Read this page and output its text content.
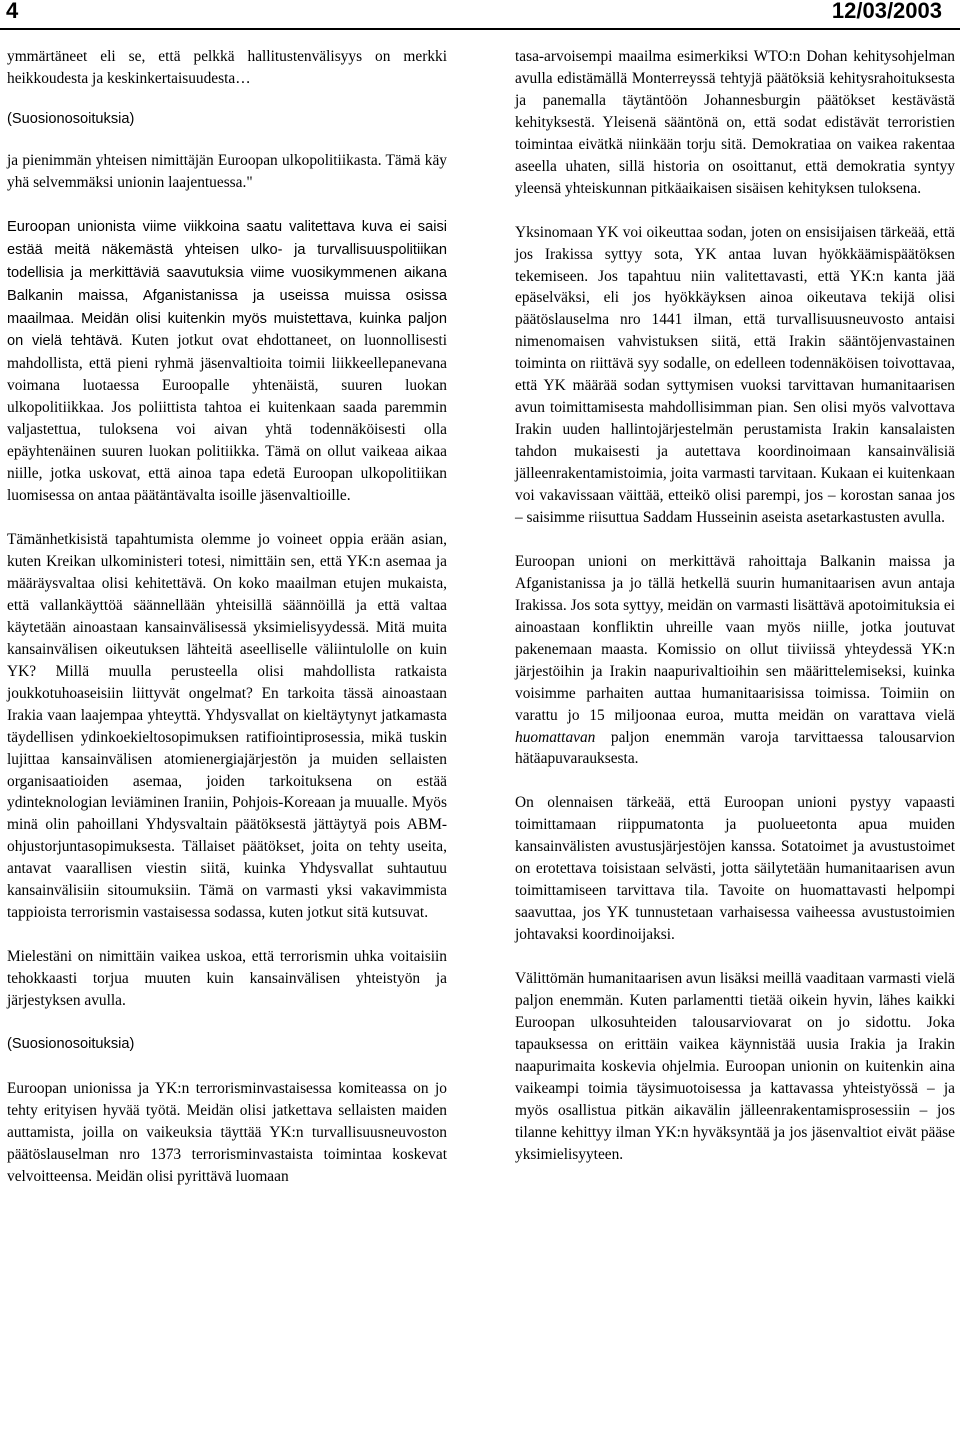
4	12/03/2003

ymmärtäneet eli se, että pelkkä hallitustenvälisyys on merkki heikkoudesta ja keskinkertaisuudesta…

(Suosionosoituksia)

ja pienimmän yhteisen nimittäjän Euroopan ulkopolitiikasta. Tämä käy yhä selvemmäksi unionin laajentuessa."

Euroopan unionista viime viikkoina saatu valitettava kuva ei saisi estää meitä näkemästä yhteisen ulko- ja turvallisuuspolitiikan todellisia ja merkittäviä saavutuksia viime vuosikymmenen aikana Balkanin maissa, Afganistanissa ja useissa muissa osissa maailmaa. Meidän olisi kuitenkin myös muistettava, kuinka paljon on vielä tehtävä. Kuten jotkut ovat ehdottaneet, on luonnollisesti mahdollista, että pieni ryhmä jäsenvaltioita toimii liikkeellepanevana voimana luotaessa Euroopalle yhtenäistä, suuren luokan ulkopolitiikkaa. Jos poliittista tahtoa ei kuitenkaan saada paremmin valjastettua, tuloksena voi aivan yhtä todennäköisesti olla epäyhtenäinen suuren luokan politiikka. Tämä on ollut vaikeaa aikaa niille, jotka uskovat, että ainoa tapa edetä Euroopan ulkopolitiikan luomisessa on antaa päätäntävalta isoille jäsenvaltioille.

Tämänhetkisistä tapahtumista olemme jo voineet oppia erään asian, kuten Kreikan ulkoministeri totesi, nimittäin sen, että YK:n asemaa ja määräysvaltaa olisi kehitettävä. On koko maailman etujen mukaista, että vallankäyttöä säännellään yhteisillä säännöillä ja että valtaa käytetään ainoastaan kansainvälisessä yksimielisyydessä. Mitä muita kansainvälisen oikeutuksen lähteitä aseelliselle väliintulolle on kuin YK? Millä muulla perusteella olisi mahdollista ratkaista joukkotuhoaseisiin liittyvät ongelmat? En tarkoita tässä ainoastaan Irakia vaan laajempaa yhteyttä. Yhdysvallat on kieltäytynyt jatkamasta täydellisen ydinkoekieltosopimuksen ratifiointiprosessia, mikä tuskin lujittaa kansainvälisen atomienergiajärjestön ja muiden sellaisten organisaatioiden asemaa, joiden tarkoituksena on estää ydinteknologian leviäminen Iraniin, Pohjois-Koreaan ja muualle. Myös minä olin pahoillani Yhdysvaltain päätöksestä jättäytyä pois ABM-ohjustorjuntasopimuksesta. Tällaiset päätökset, joita on tehty useita, antavat vaarallisen viestin siitä, kuinka Yhdysvallat suhtautuu kansainvälisiin sitoumuksiin. Tämä on varmasti yksi vakavimmista tappioista terrorismin vastaisessa sodassa, kuten jotkut sitä kutsuvat.

Mielestäni on nimittäin vaikea uskoa, että terrorismin uhka voitaisiin tehokkaasti torjua muuten kuin kansainvälisen yhteistyön ja järjestyksen avulla.

(Suosionosoituksia)

Euroopan unionissa ja YK:n terrorisminvastaisessa komiteassa on jo tehty erityisen hyvää työtä. Meidän olisi jatkettava sellaisten maiden auttamista, joilla on vaikeuksia täyttää YK:n turvallisuusneuvoston päätöslauselman nro 1373 terrorisminvastaista toimintaa koskevat velvoitteensa. Meidän olisi pyrittävä luomaan

tasa-arvoisempi maailma esimerkiksi WTO:n Dohan kehitysohjelman avulla edistämällä Monterreyssä tehtyjä päätöksiä kehitysrahoituksesta ja panemalla täytäntöön Johannesburgin päätökset kestävästä kehityksestä. Yleisenä sääntönä on, että sodat edistävät terroristien toimintaa eivätkä niinkään torju sitä. Demokratiaa on vaikea rakentaa aseella uhaten, sillä historia on osoittanut, että demokratia syntyy yleensä yhteiskunnan pitkäaikaisen sisäisen kehityksen tuloksena.

Yksinomaan YK voi oikeuttaa sodan, joten on ensisijaisen tärkeää, että jos Irakissa syttyy sota, YK antaa luvan hyökkäämispäätöksen tekemiseen. Jos tapahtuu niin valitettavasti, että YK:n kanta jää epäselväksi, eli jos hyökkäyksen ainoa oikeutava tekijä olisi päätöslauselma nro 1441 ilman, että turvallisuusneuvosto antaisi nimenomaisen vahvistuksen siitä, että Irakin sääntöjenvastainen toiminta on riittävä syy sodalle, on edelleen todennäköisen toivottavaa, että YK määrää sodan syttymisen vuoksi tarvittavan humanitaarisen avun toimittamisesta mahdollisimman pian. Sen olisi myös valvottava Irakin uuden hallintojärjestelmän perustamista Irakin kansalaisten tahdon mukaisesti ja autettava koordinoimaan kansainvälisiä jälleenrakentamistoimia, joita varmasti tarvitaan. Kukaan ei kuitenkaan voi vakavissaan väittää, etteikö olisi parempi, jos – korostan sanaa jos – saisimme riisuttua Saddam Husseinin aseista asetarkastusten avulla.

Euroopan unioni on merkittävä rahoittaja Balkanin maissa ja Afganistanissa ja jo tällä hetkellä suurin humanitaarisen avun antaja Irakissa. Jos sota syttyy, meidän on varmasti lisättävä apotoimituksia ei ainoastaan konfliktin uhreille vaan myös niille, jotka joutuvat pakenemaan maasta. Komissio on ollut tiiviissä yhteydessä YK:n järjestöihin ja Irakin naapurivaltioihin sen määrittelemiseksi, kuinka voisimme parhaiten auttaa humanitaarisissa toimissa. Toimiin on varattu jo 15 miljoonaa euroa, mutta meidän on varattava vielä huomattavan paljon enemmän varoja tarvittaessa talousarvion hätäapuvarauksesta.

On olennaisen tärkeää, että Euroopan unioni pystyy vapaasti toimittamaan riippumatonta ja puolueetonta apua muiden kansainvälisten avustusjärjestöjen kanssa. Sotatoimet ja avustustoimet on erotettava toisistaan selvästi, jotta säilytetään humanitaarisen avun toimittamiseen tarvittava tila. Tavoite on huomattavasti helpompi saavuttaa, jos YK tunnustetaan varhaisessa vaiheessa avustustoimien johtavaksi koordinoijaksi.

Välittömän humanitaarisen avun lisäksi meillä vaaditaan varmasti vielä paljon enemmän. Kuten parlamentti tietää oikein hyvin, lähes kaikki Euroopan ulkosuhteiden talousarviovarat on jo sidottu. Joka tapauksessa on erittäin vaikea käynnistää uusia Irakia ja Irakin naapurimaita koskevia ohjelmia. Euroopan unionin on kuitenkin aina vaikeampi toimia täysimuotoisessa ja kattavassa yhteistyössä – ja myös osallistua pitkän aikavälin jälleenrakentamisprosessiin – jos tilanne kehittyy ilman YK:n hyväksyntää ja jos jäsenvaltiot eivät pääse yksimielisyyteen.
